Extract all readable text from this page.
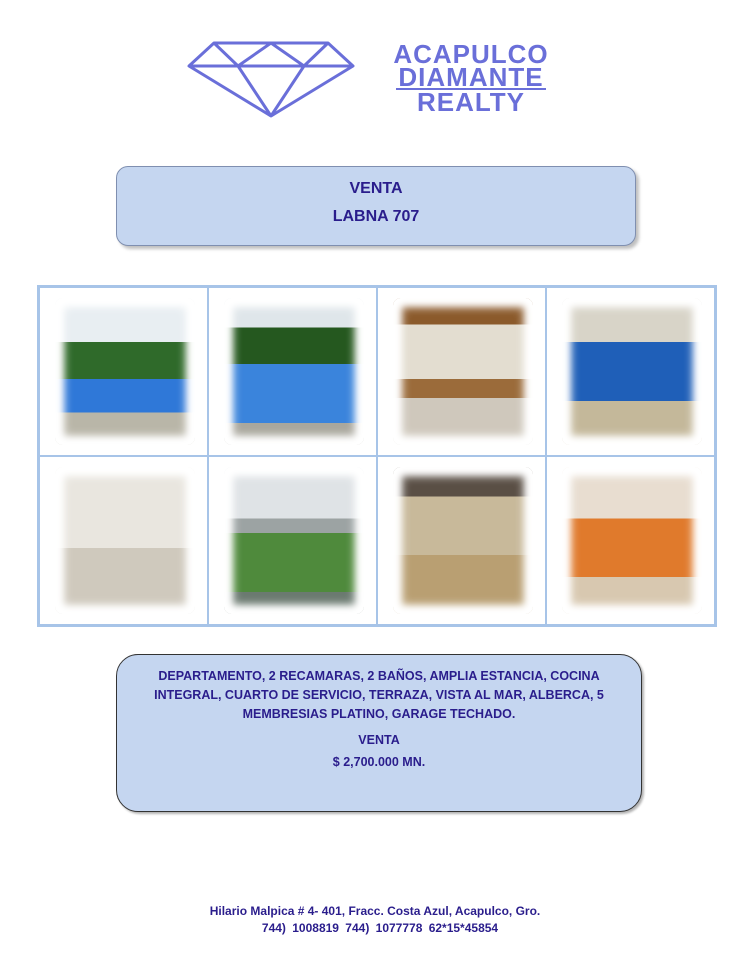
ACAPULCO
DIAMANTE
REALTY
VENTA
LABNA 707
DEPARTAMENTO, 2 RECAMARAS, 2 BAÑOS, AMPLIA ESTANCIA, COCINA INTEGRAL, CUARTO DE SERVICIO, TERRAZA, VISTA AL MAR, ALBERCA, 5 MEMBRESIAS PLATINO, GARAGE TECHADO.
VENTA
$ 2,700.000 MN.
Hilario Malpica # 4- 401, Fracc. Costa Azul, Acapulco, Gro.
744) 1008819 744) 1077778 62*15*45854
